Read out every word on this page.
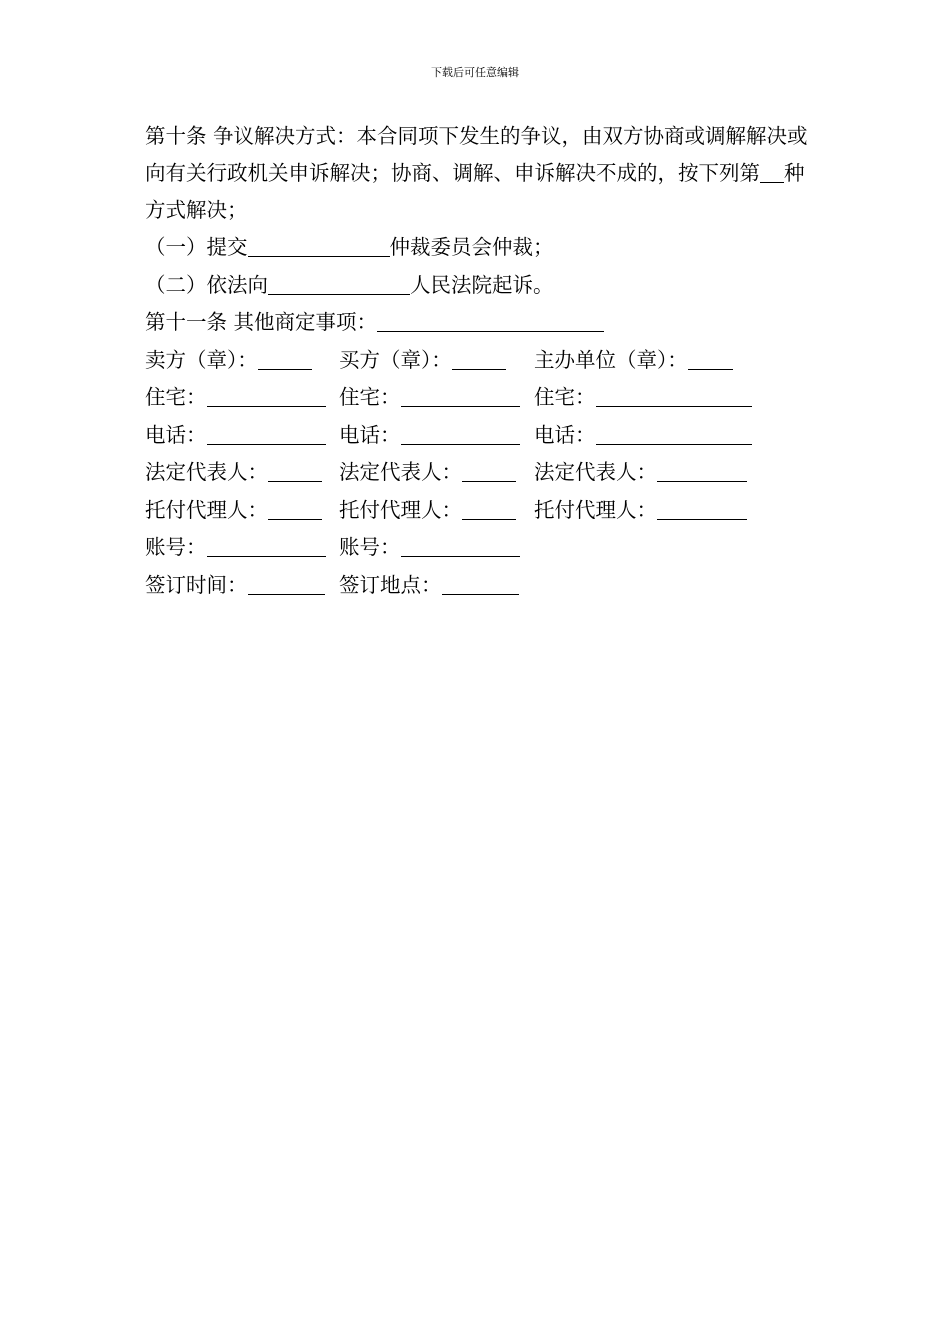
下载后可任意编辑

第十条 争议解决方式：本合同项下发生的争议，由双方协商或调解解决或向有关行政机关申诉解决；协商、调解、申诉解决不成的，按下列第 种方式解决；

（一）提交	仲裁委员会仲裁；

（二）依法向	人民法院起诉。

第十一条 其他商定事项：

卖方（章）：	买方（章）：	主办单位（章）：

住宅：	住宅：	住宅：

电话：	电话：	电话：

法定代表人：	法定代表人：	法定代表人：

托付代理人：	托付代理人：	托付代理人：

账号：	账号：

签订时间：	签订地点：
